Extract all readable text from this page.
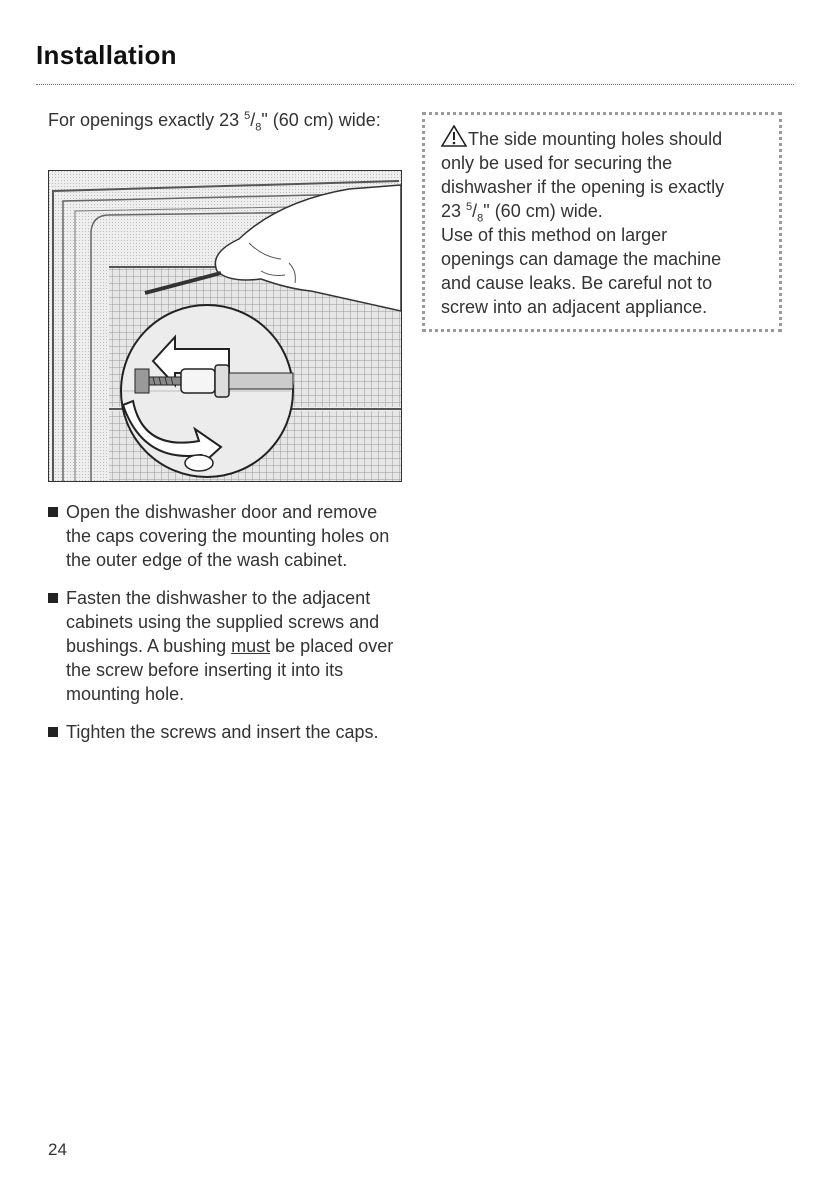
Installation
For openings exactly 23 $^5/_8$" (60 cm) wide:
Open the dishwasher door and remove the caps covering the mounting holes on the outer edge of the wash cabinet.
Fasten the dishwasher to the adjacent cabinets using the supplied screws and bushings. A bushing must be placed over the screw before inserting it into its mounting hole.
Tighten the screws and insert the caps.
The side mounting holes should
only be used for securing the
dishwasher if the opening is exactly
23 $^5/_8$" (60 cm) wide.
Use of this method on larger
openings can damage the machine
and cause leaks. Be careful not to
screw into an adjacent appliance.
24
